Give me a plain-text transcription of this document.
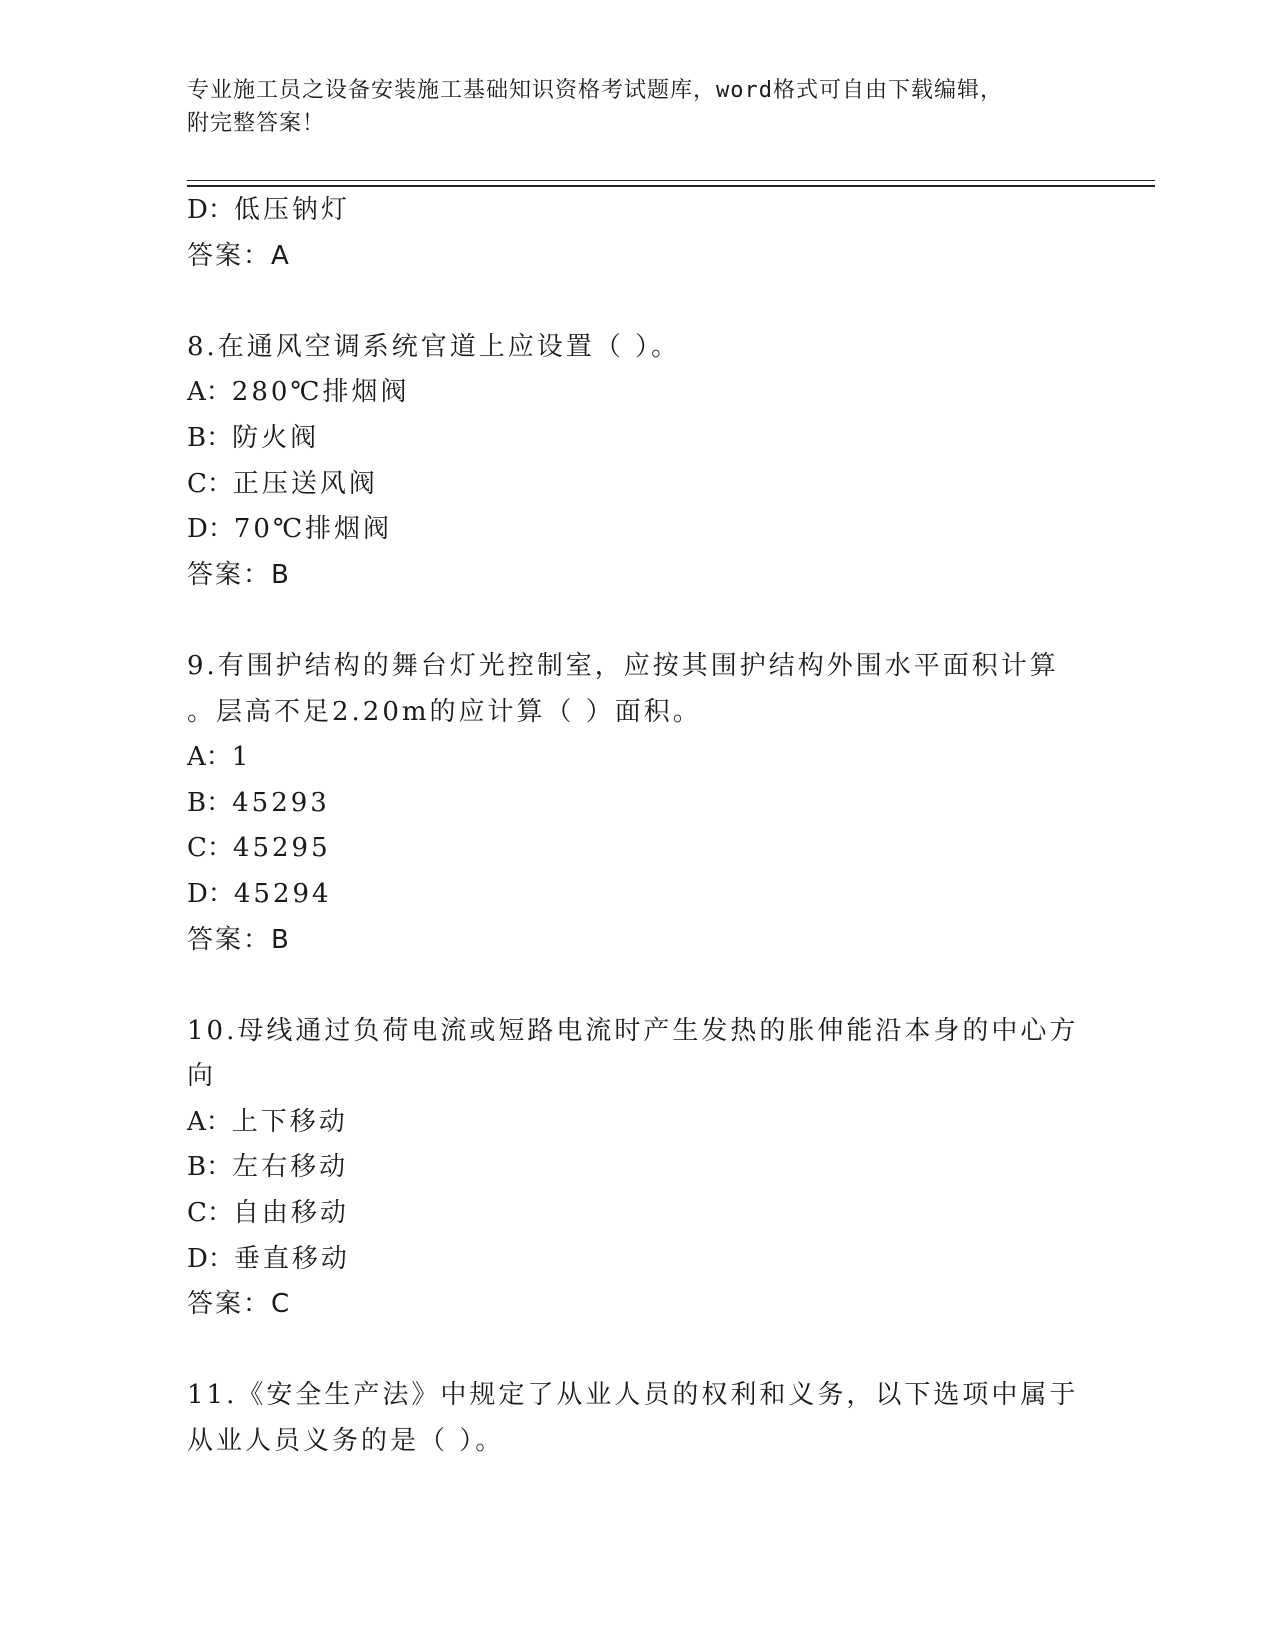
专业施工员之设备安装施工基础知识资格考试题库，word格式可自由下载编辑，
附完整答案！
D：低压钠灯
答案：A
8.在通风空调系统官道上应设置（ ）。
A：280℃排烟阀
B：防火阀
C：正压送风阀
D：70℃排烟阀
答案：B
9.有围护结构的舞台灯光控制室，应按其围护结构外围水平面积计算
。层高不足2.20m的应计算（ ）面积。
A：1
B：45293
C：45295
D：45294
答案：B
10.母线通过负荷电流或短路电流时产生发热的胀伸能沿本身的中心方
向
A：上下移动
B：左右移动
C：自由移动
D：垂直移动
答案：C
11.《安全生产法》中规定了从业人员的权利和义务，以下选项中属于
从业人员义务的是（ ）。
